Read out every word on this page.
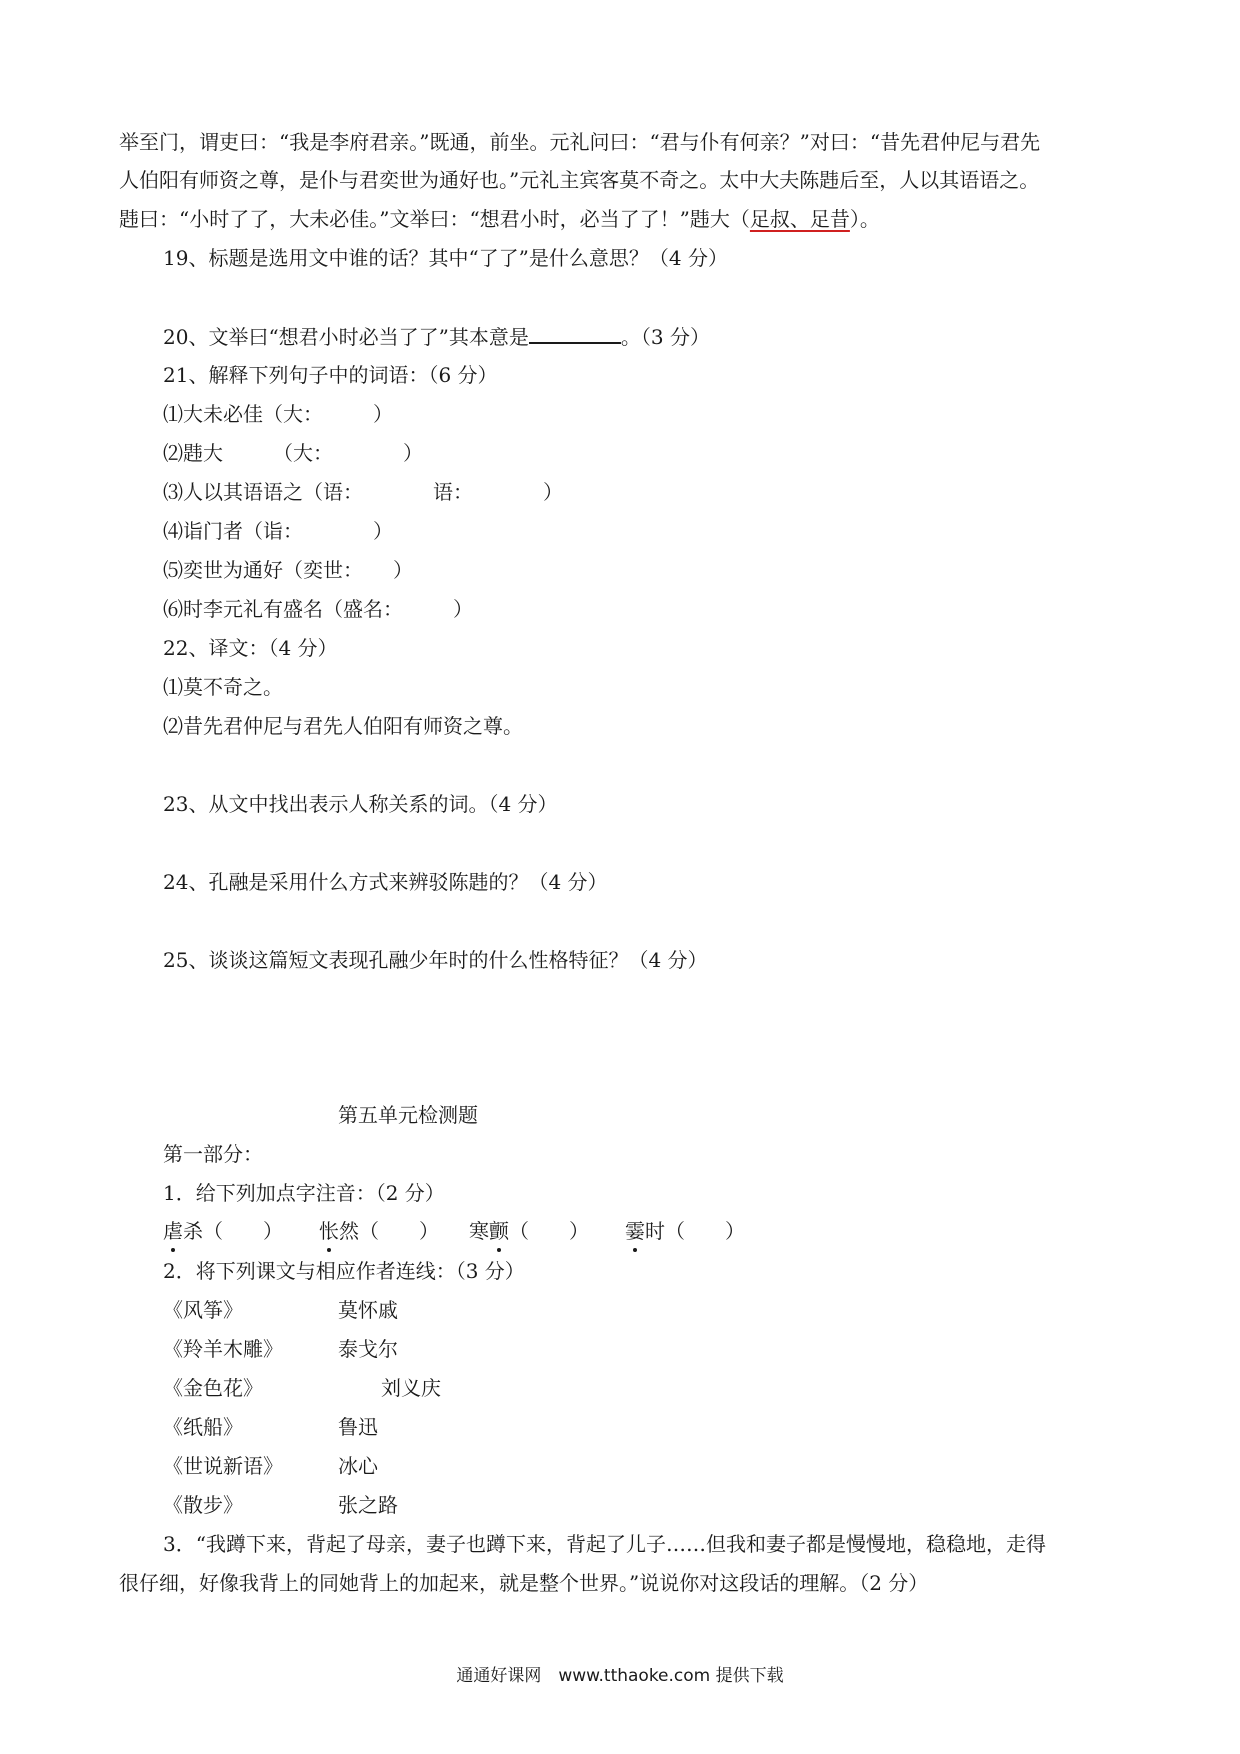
举至门，谓吏曰：“我是李府君亲。”既通，前坐。元礼问曰：“君与仆有何亲？”对曰：“昔先君仲尼与君先
人伯阳有师资之尊，是仆与君奕世为通好也。”元礼主宾客莫不奇之。太中大夫陈韪后至，人以其语语之。
韪曰：“小时了了，大未必佳。”文举曰：“想君小时，必当了了！”韪大（足叔、足昔）。
19、标题是选用文中谁的话？其中“了了”是什么意思？（4 分）
20、文举曰“想君小时必当了了”其本意是	。（3 分）
21、解释下列句子中的词语：（6 分）
⑴大未必佳（大：　　　）
⑵韪大　　　（大：　　　　）
⑶人以其语语之（语：　　　　语：　　　　）
⑷诣门者（诣：　　　　）
⑸奕世为通好（奕世：　　）
⑹时李元礼有盛名（盛名：　　　）
22、译文：（4 分）
⑴莫不奇之。
⑵昔先君仲尼与君先人伯阳有师资之尊。
23、从文中找出表示人称关系的词。（4 分）
24、孔融是采用什么方式来辨驳陈韪的？（4 分）
25、谈谈这篇短文表现孔融少年时的什么性格特征？（4 分）
第五单元检测题
第一部分：
1．给下列加点字注音：（2 分）
虐杀（　　） 怅然（　　） 寒颤（　　） 霎时（　　）
2．将下列课文与相应作者连线：（3 分）
《风筝》
《羚羊木雕》
《金色花》
《纸船》
《世说新语》
《散步》
莫怀戚
泰戈尔
刘义庆
鲁迅
冰心
张之路
3．“我蹲下来，背起了母亲，妻子也蹲下来，背起了儿子……但我和妻子都是慢慢地，稳稳地，走得
很仔细，好像我背上的同她背上的加起来，就是整个世界。”说说你对这段话的理解。（2 分）
通通好课网　www.tthaoke.com 提供下载
